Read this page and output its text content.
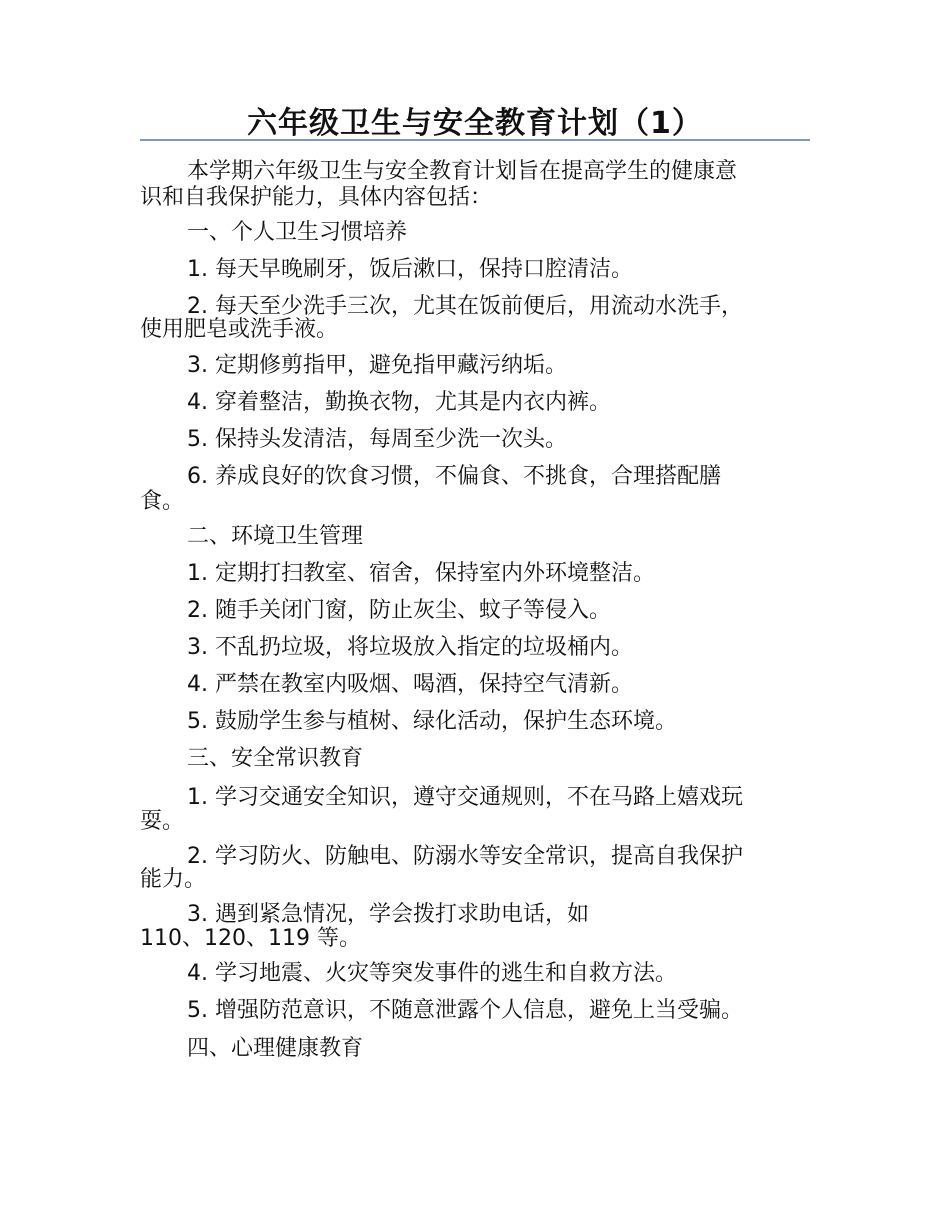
六年级卫生与安全教育计划（1）
本学期六年级卫生与安全教育计划旨在提高学生的健康意
识和自我保护能力，具体内容包括：
一、个人卫生习惯培养
1. 每天早晚刷牙，饭后漱口，保持口腔清洁。
2. 每天至少洗手三次，尤其在饭前便后，用流动水洗手，
使用肥皂或洗手液。
3. 定期修剪指甲，避免指甲藏污纳垢。
4. 穿着整洁，勤换衣物，尤其是内衣内裤。
5. 保持头发清洁，每周至少洗一次头。
6. 养成良好的饮食习惯，不偏食、不挑食，合理搭配膳
食。
二、环境卫生管理
1. 定期打扫教室、宿舍，保持室内外环境整洁。
2. 随手关闭门窗，防止灰尘、蚊子等侵入。
3. 不乱扔垃圾，将垃圾放入指定的垃圾桶内。
4. 严禁在教室内吸烟、喝酒，保持空气清新。
5. 鼓励学生参与植树、绿化活动，保护生态环境。
三、安全常识教育
1. 学习交通安全知识，遵守交通规则，不在马路上嬉戏玩
耍。
2. 学习防火、防触电、防溺水等安全常识，提高自我保护
能力。
3. 遇到紧急情况，学会拨打求助电话，如
110、120、119 等。
4. 学习地震、火灾等突发事件的逃生和自救方法。
5. 增强防范意识，不随意泄露个人信息，避免上当受骗。
四、心理健康教育
